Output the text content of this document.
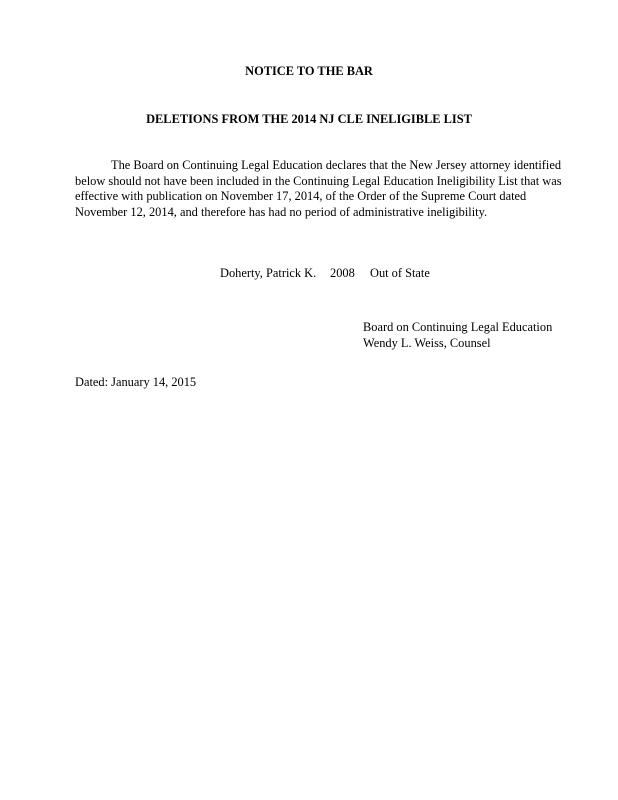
NOTICE TO THE BAR
DELETIONS FROM THE 2014 NJ CLE INELIGIBLE LIST

The Board on Continuing Legal Education declares that the New Jersey attorney identified
below should not have been included in the Continuing Legal Education Ineligibility List that was
effective with publication on November 17, 2014, of the Order of the Supreme Court dated
November 12, 2014, and therefore has had no period of administrative ineligibility.

Doherty, Patrick K. 2008 Out of State
Board on Continuing Legal Education
Wendy L. Weiss, Counsel
Dated: January 14, 2015
